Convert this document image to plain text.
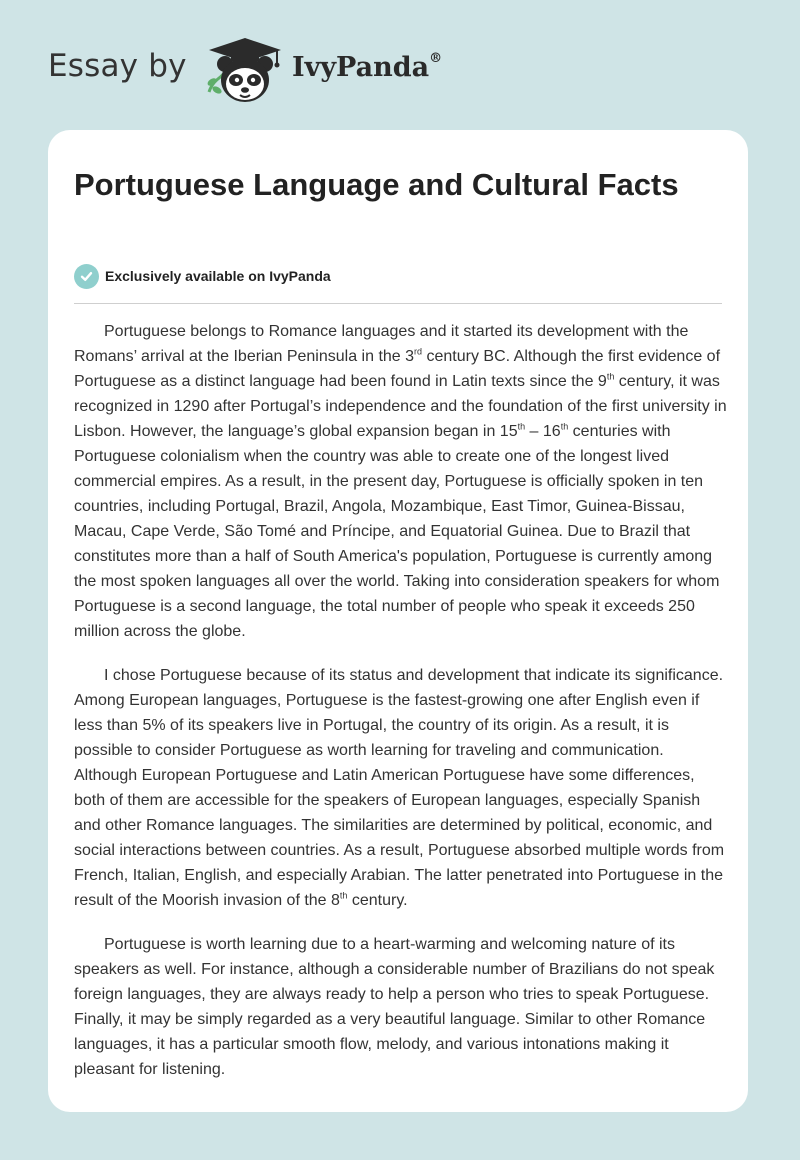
Essay by	IvyPanda®
Portuguese Language and Cultural Facts
Exclusively available on IvyPanda

Portuguese belongs to Romance languages and it started its development with the Romans’ arrival at the Iberian Peninsula in the 3rd century BC. Although the first evidence of Portuguese as a distinct language had been found in Latin texts since the 9th century, it was recognized in 1290 after Portugal’s independence and the foundation of the first university in Lisbon. However, the language’s global expansion began in 15th – 16th centuries with Portuguese colonialism when the country was able to create one of the longest lived commercial empires. As a result, in the present day, Portuguese is officially spoken in ten countries, including Portugal, Brazil, Angola, Mozambique, East Timor, Guinea-Bissau, Macau, Cape Verde, São Tomé and Príncipe, and Equatorial Guinea. Due to Brazil that constitutes more than a half of South America's population, Portuguese is currently among the most spoken languages all over the world. Taking into consideration speakers for whom Portuguese is a second language, the total number of people who speak it exceeds 250 million across the globe.

I chose Portuguese because of its status and development that indicate its significance. Among European languages, Portuguese is the fastest-growing one after English even if less than 5% of its speakers live in Portugal, the country of its origin. As a result, it is possible to consider Portuguese as worth learning for traveling and communication. Although European Portuguese and Latin American Portuguese have some differences, both of them are accessible for the speakers of European languages, especially Spanish and other Romance languages. The similarities are determined by political, economic, and social interactions between countries. As a result, Portuguese absorbed multiple words from French, Italian, English, and especially Arabian. The latter penetrated into Portuguese in the result of the Moorish invasion of the 8th century.

Portuguese is worth learning due to a heart-warming and welcoming nature of its speakers as well. For instance, although a considerable number of Brazilians do not speak foreign languages, they are always ready to help a person who tries to speak Portuguese. Finally, it may be simply regarded as a very beautiful language. Similar to other Romance languages, it has a particular smooth flow, melody, and various intonations making it pleasant for listening.
